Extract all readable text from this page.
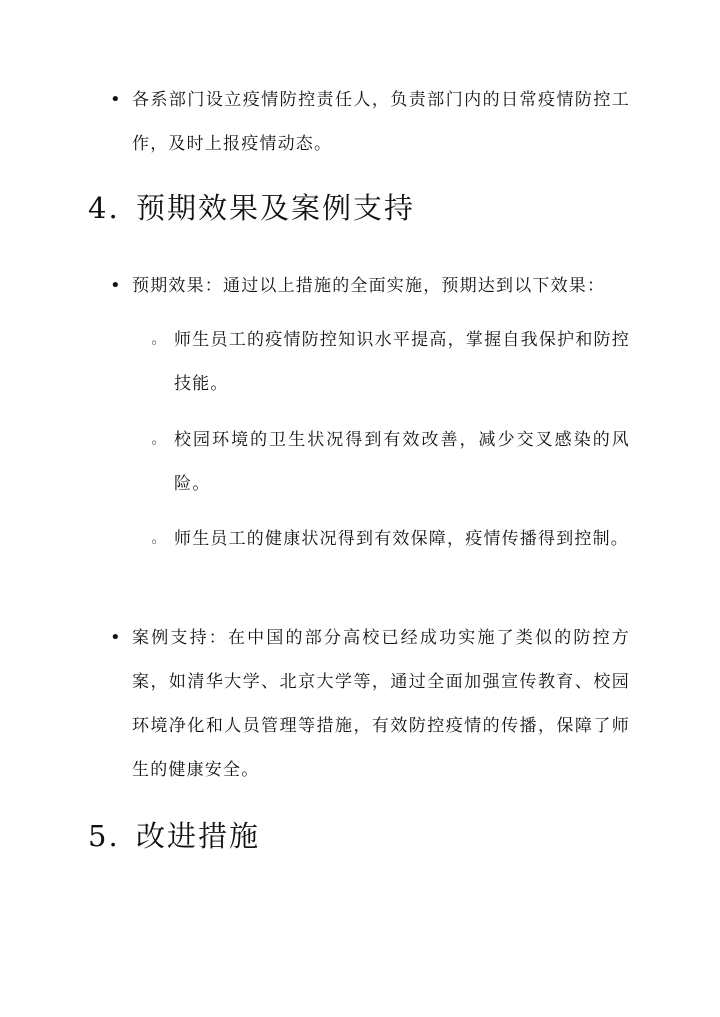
• 各系部门设立疫情防控责任人，负责部门内的日常疫情防控工作，及时上报疫情动态。
4. 预期效果及案例支持
• 预期效果：通过以上措施的全面实施，预期达到以下效果：
◦ 师生员工的疫情防控知识水平提高，掌握自我保护和防控技能。
◦ 校园环境的卫生状况得到有效改善，减少交叉感染的风险。
◦ 师生员工的健康状况得到有效保障，疫情传播得到控制。
• 案例支持：在中国的部分高校已经成功实施了类似的防控方案，如清华大学、北京大学等，通过全面加强宣传教育、校园环境净化和人员管理等措施，有效防控疫情的传播，保障了师生的健康安全。
5. 改进措施
